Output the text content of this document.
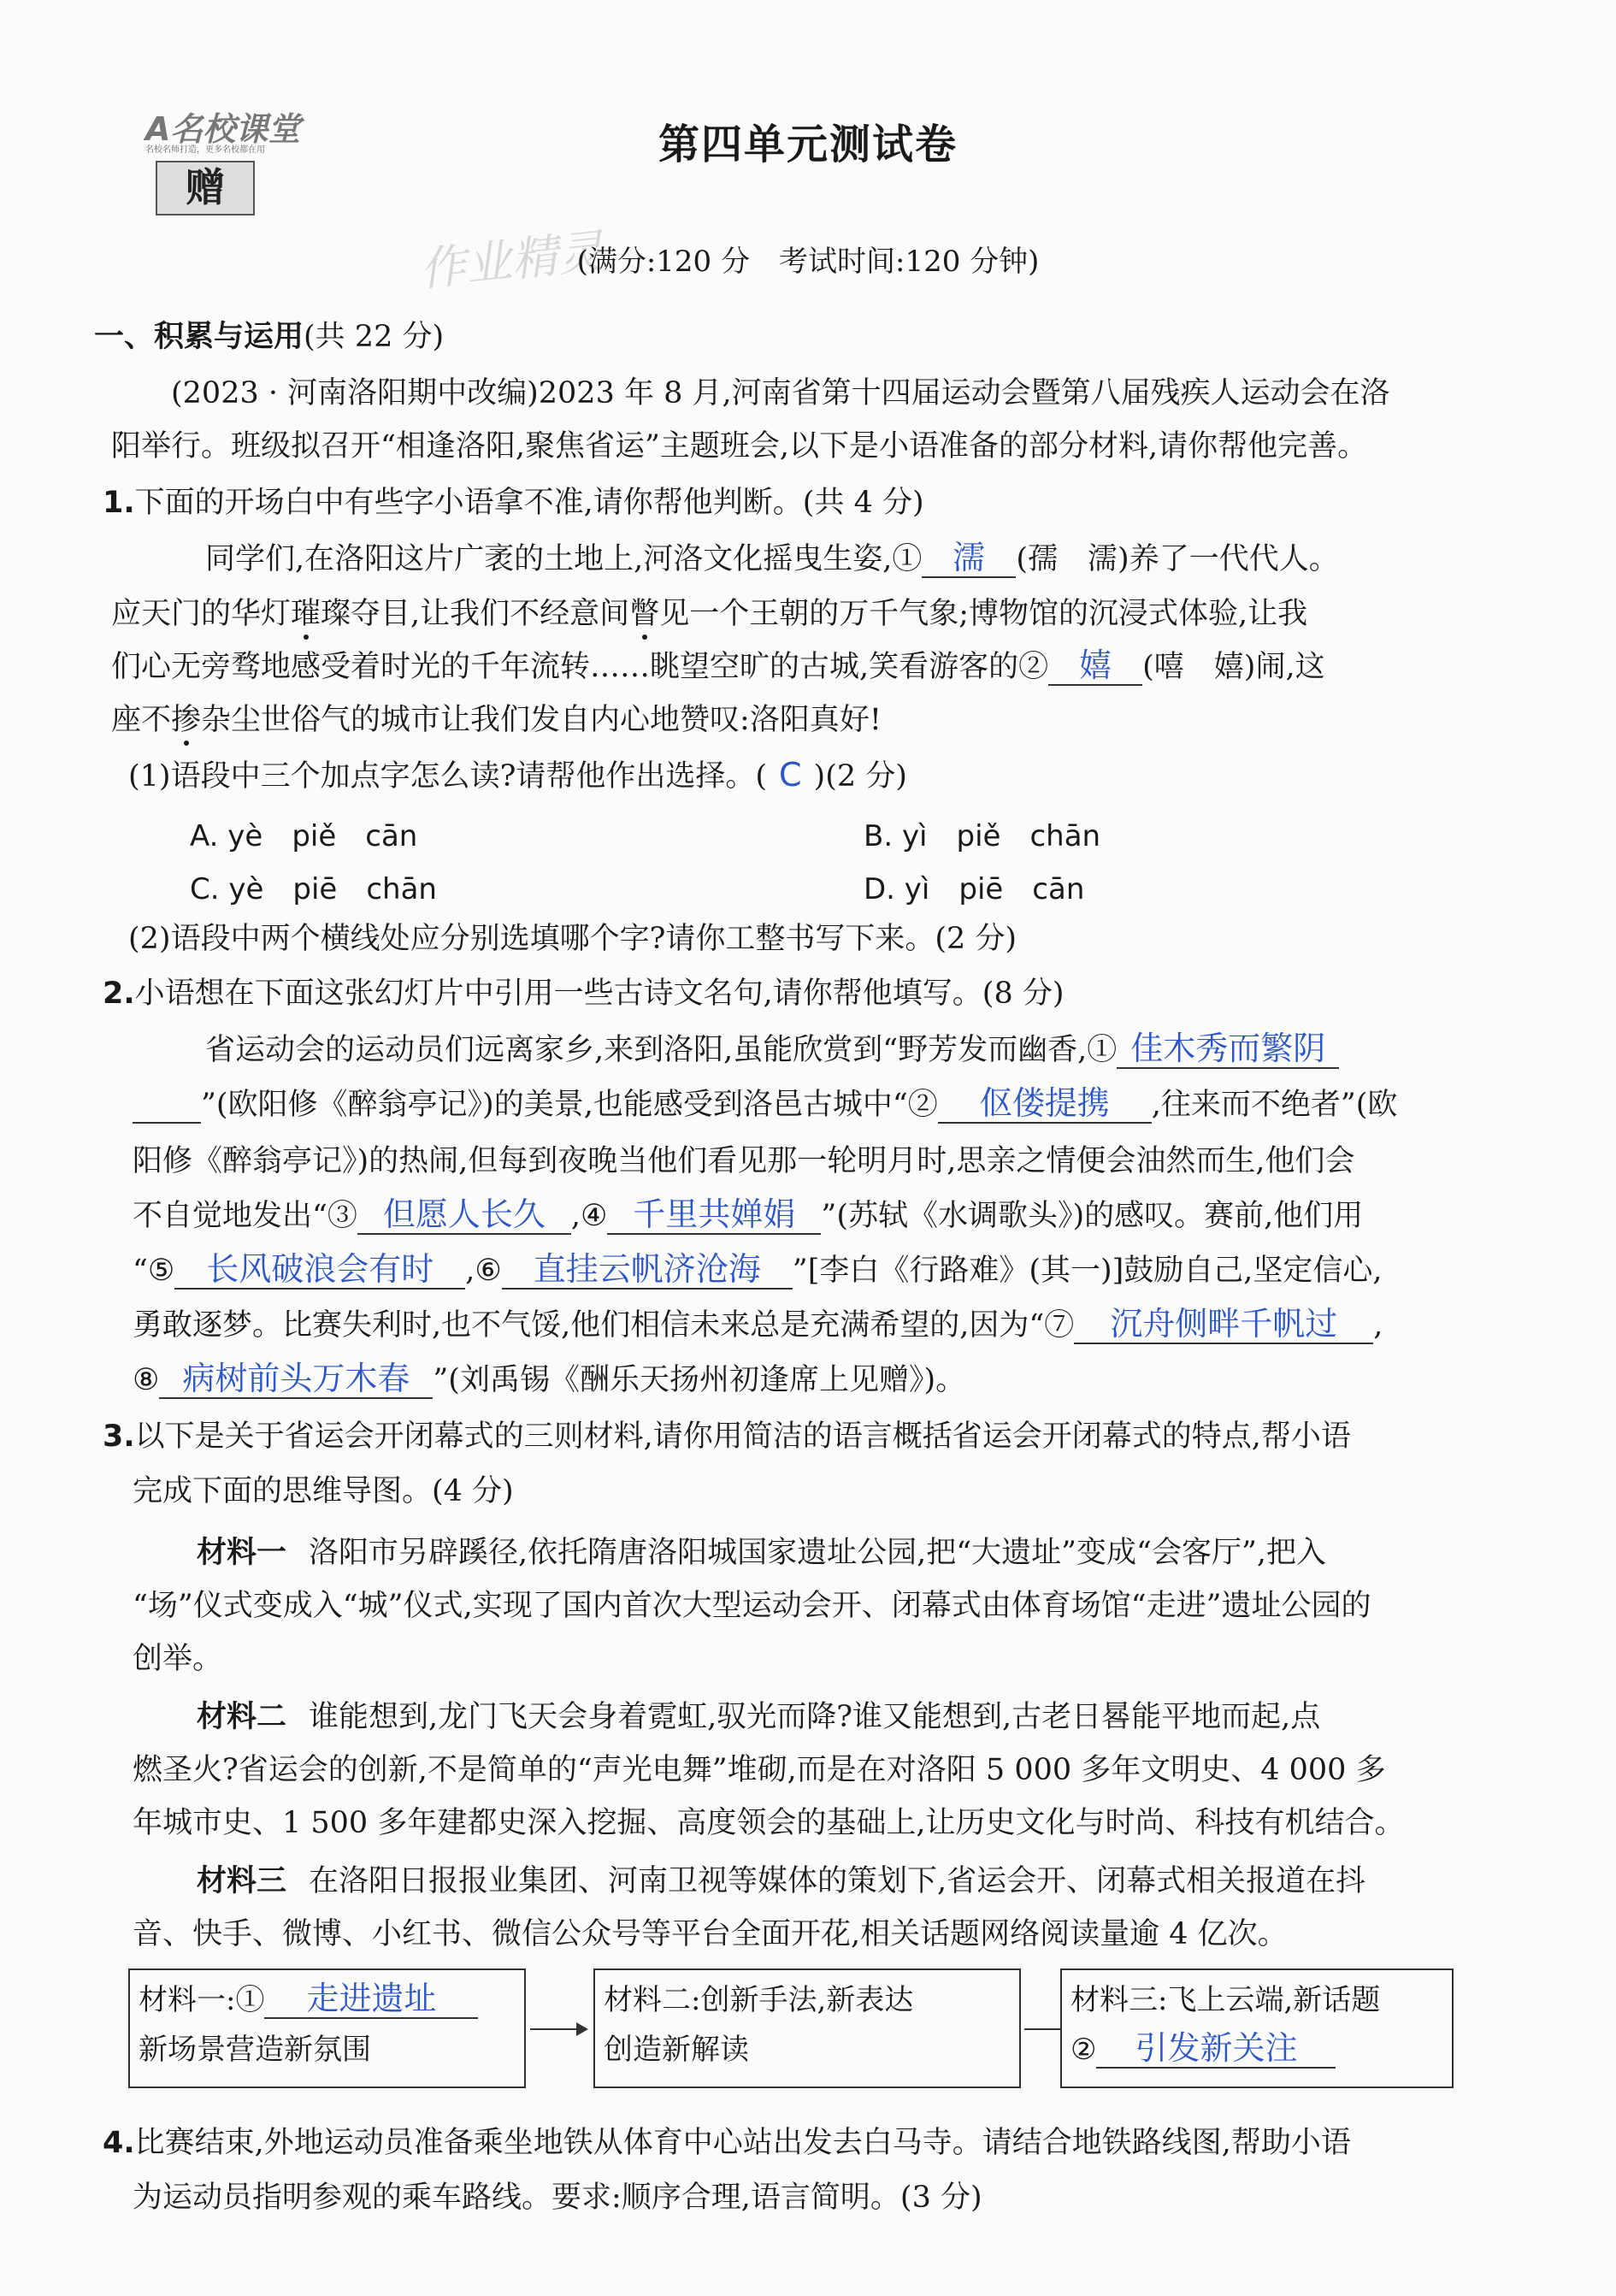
A名校课堂
名校名师打造，更多名校都在用
赠
第四单元测试卷
作业精灵
(满分:120 分　考试时间:120 分钟)
一、积累与运用(共 22 分)
(2023 · 河南洛阳期中改编)2023 年 8 月,河南省第十四届运动会暨第八届残疾人运动会在洛
阳举行。班级拟召开“相逢洛阳,聚焦省运”主题班会,以下是小语准备的部分材料,请你帮他完善。
1.下面的开场白中有些字小语拿不准,请你帮他判断。(共 4 分)
同学们,在洛阳这片广袤的土地上,河洛文化摇曳生姿,① 濡 (孺　濡)养了一代代人。
应天门的华灯璀璨夺目,让我们不经意间瞥见一个王朝的万千气象;博物馆的沉浸式体验,让我
们心无旁骛地感受着时光的千年流转……眺望空旷的古城,笑看游客的② 嬉 (嘻　嬉)闹,这
座不掺杂尘世俗气的城市让我们发自内心地赞叹:洛阳真好!
(1)语段中三个加点字怎么读?请帮他作出选择。( C )(2 分)
A. yè　piě　cān	B. yì　piě　chān
C. yè　piē　chān	D. yì　piē　cān
(2)语段中两个横线处应分别选填哪个字?请你工整书写下来。(2 分)
2.小语想在下面这张幻灯片中引用一些古诗文名句,请你帮他填写。(8 分)
省运动会的运动员们远离家乡,来到洛阳,虽能欣赏到“野芳发而幽香,① 佳木秀而繁阴
”(欧阳修《醉翁亭记》)的美景,也能感受到洛邑古城中“② 伛偻提携 ,往来而不绝者”(欧
阳修《醉翁亭记》)的热闹,但每到夜晚当他们看见那一轮明月时,思亲之情便会油然而生,他们会
不自觉地发出“③ 但愿人长久 ,④ 千里共婵娟 ”(苏轼《水调歌头》)的感叹。赛前,他们用
“⑤ 长风破浪会有时 ,⑥ 直挂云帆济沧海 ”[李白《行路难》(其一)]鼓励自己,坚定信心,
勇敢逐梦。比赛失利时,也不气馁,他们相信未来总是充满希望的,因为“⑦ 沉舟侧畔千帆过 ,
⑧ 病树前头万木春 ”(刘禹锡《酬乐天扬州初逢席上见赠》)。
3.以下是关于省运会开闭幕式的三则材料,请你用简洁的语言概括省运会开闭幕式的特点,帮小语
完成下面的思维导图。(4 分)
材料一 洛阳市另辟蹊径,依托隋唐洛阳城国家遗址公园,把“大遗址”变成“会客厅”,把入
“场”仪式变成入“城”仪式,实现了国内首次大型运动会开、闭幕式由体育场馆“走进”遗址公园的
创举。
材料二 谁能想到,龙门飞天会身着霓虹,驭光而降?谁又能想到,古老日晷能平地而起,点
燃圣火?省运会的创新,不是简单的“声光电舞”堆砌,而是在对洛阳 5 000 多年文明史、4 000 多
年城市史、1 500 多年建都史深入挖掘、高度领会的基础上,让历史文化与时尚、科技有机结合。
材料三 在洛阳日报报业集团、河南卫视等媒体的策划下,省运会开、闭幕式相关报道在抖
音、快手、微博、小红书、微信公众号等平台全面开花,相关话题网络阅读量逾 4 亿次。
材料一:① 走进遗址
新场景营造新氛围
材料二:创新手法,新表达
创造新解读
材料三:飞上云端,新话题
② 引发新关注
4.比赛结束,外地运动员准备乘坐地铁从体育中心站出发去白马寺。请结合地铁路线图,帮助小语
为运动员指明参观的乘车路线。要求:顺序合理,语言简明。(3 分)
